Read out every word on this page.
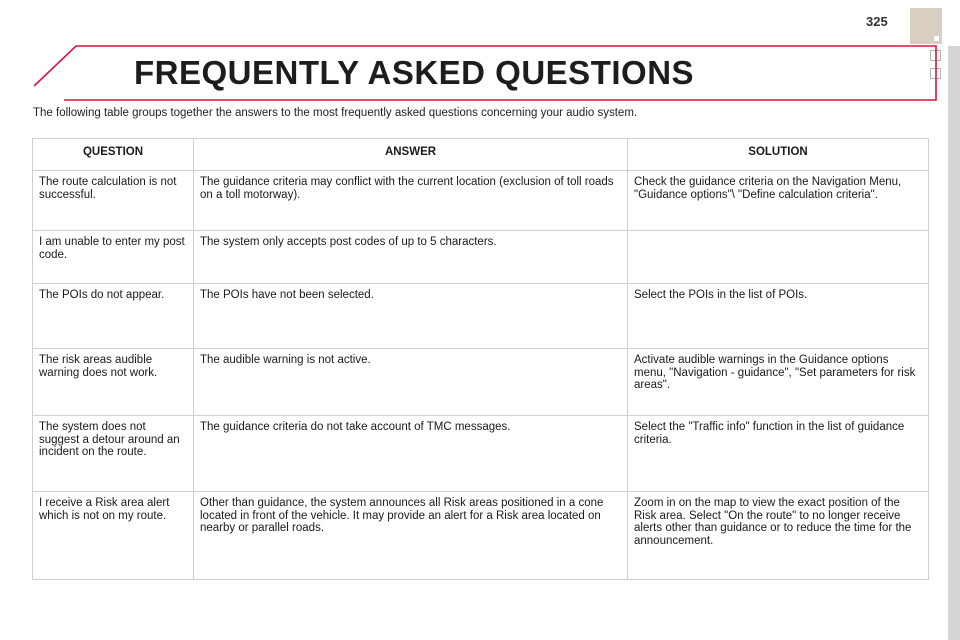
325
FREQUENTLY ASKED QUESTIONS
The following table groups together the answers to the most frequently asked questions concerning your audio system.
QUESTION	ANSWER	SOLUTION
The route calculation is not successful.	The guidance criteria may conflict with the current location (exclusion of toll roads on a toll motorway).	Check the guidance criteria on the Navigation Menu, "Guidance options"\ "Define calculation criteria".
I am unable to enter my post code.	The system only accepts post codes of up to 5 characters.	
The POIs do not appear.	The POIs have not been selected.	Select the POIs in the list of POIs.
The risk areas audible warning does not work.	The audible warning is not active.	Activate audible warnings in the Guidance options menu, "Navigation - guidance", "Set parameters for risk areas".
The system does not suggest a detour around an incident on the route.	The guidance criteria do not take account of TMC messages.	Select the "Traffic info" function in the list of guidance criteria.
I receive a Risk area alert which is not on my route.	Other than guidance, the system announces all Risk areas positioned in a cone located in front of the vehicle. It may provide an alert for a Risk area located on nearby or parallel roads.	Zoom in on the map to view the exact position of the Risk area. Select "On the route" to no longer receive alerts other than guidance or to reduce the time for the announcement.
